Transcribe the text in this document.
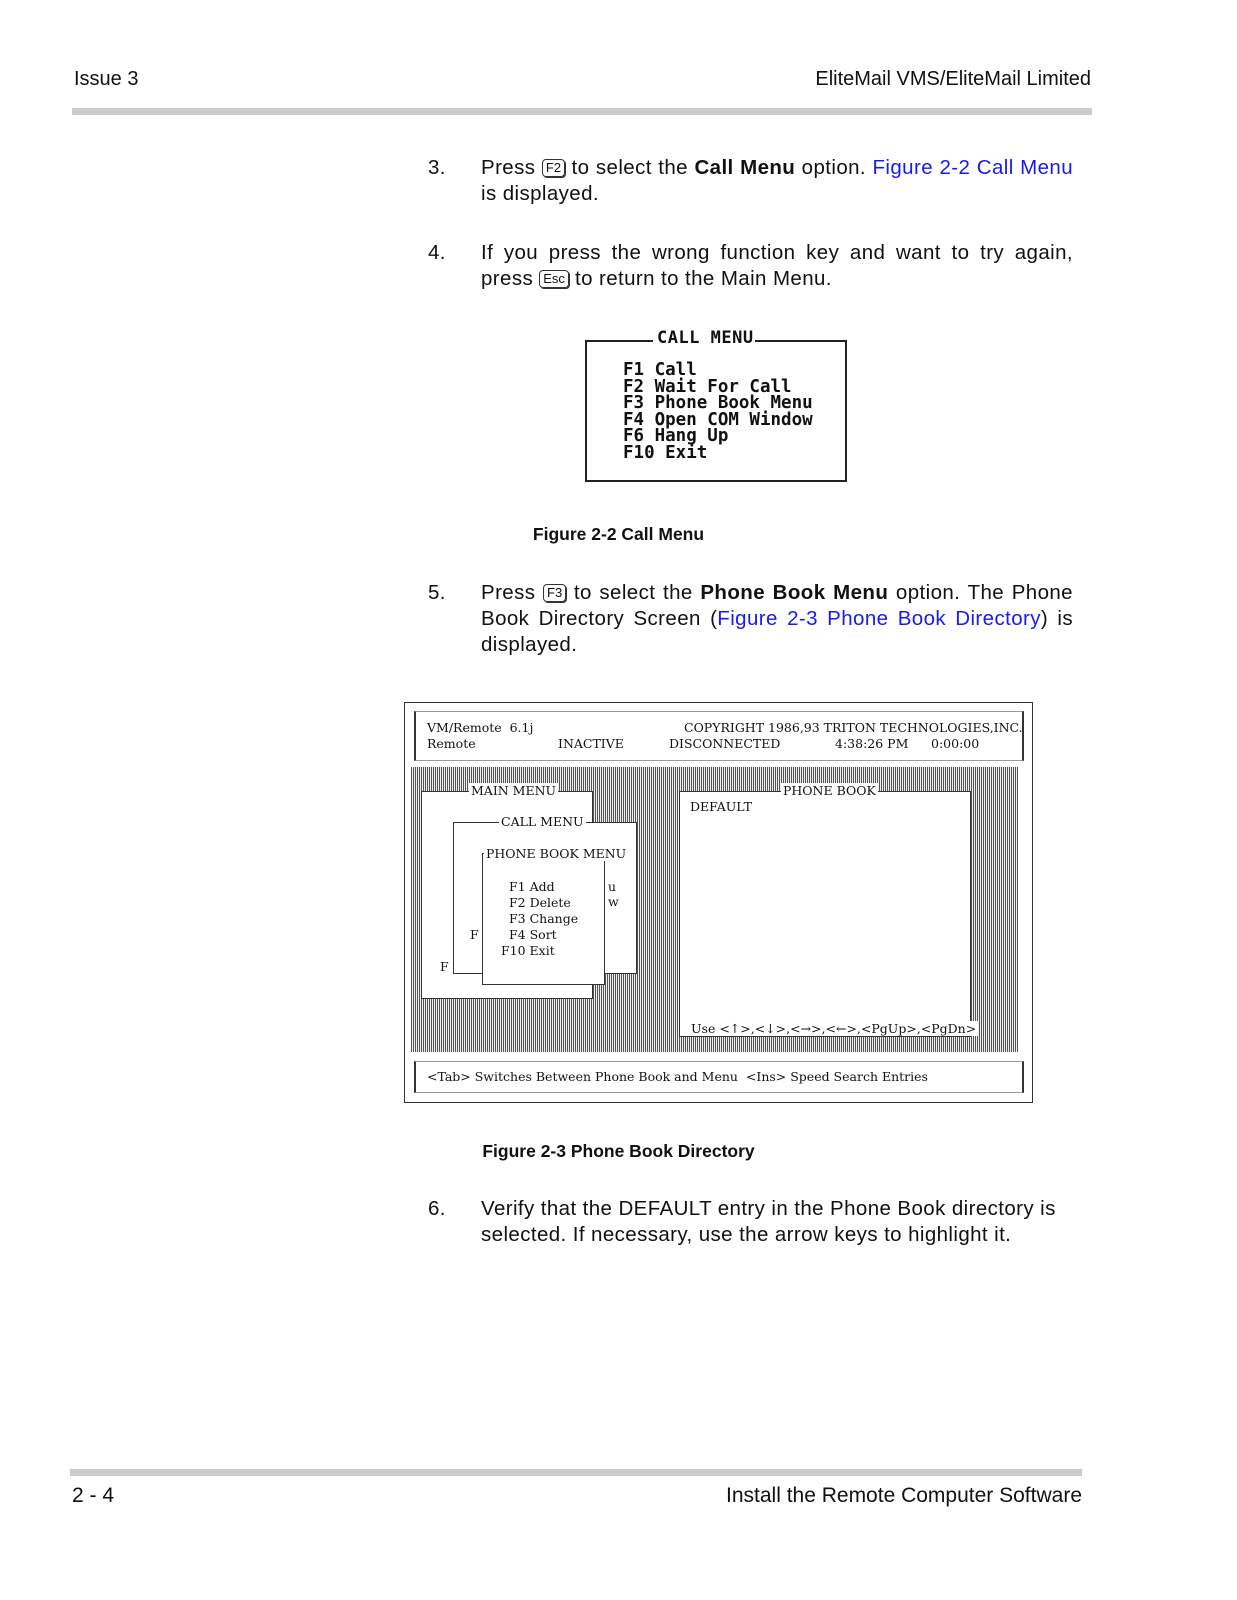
Issue 3	EliteMail VMS/EliteMail Limited
3. Press F2 to select the Call Menu option. Figure 2-2 Call Menu is displayed.
4. If you press the wrong function key and want to try again, press Esc to return to the Main Menu.
CALL MENU
F1 Call
F2 Wait For Call
F3 Phone Book Menu
F4 Open COM Window
F6 Hang Up
F10 Exit
Figure 2-2 Call Menu
5. Press F3 to select the Phone Book Menu option. The Phone Book Directory Screen (Figure 2-3 Phone Book Directory) is displayed.
VM/Remote  6.1j	COPYRIGHT 1986,93 TRITON TECHNOLOGIES,INC.
Remote	INACTIVE	DISCONNECTED	4:38:26 PM 0:00:00
MAIN MENU
F
CALL MENU
F
u
w
PHONE BOOK MENU
F1 Add
F2 Delete
F3 Change
F4 Sort
F10 Exit
PHONE BOOK
DEFAULT
Use <↑>,<↓>,<→>,<←>,<PgUp>,<PgDn>
<Tab> Switches Between Phone Book and Menu  <Ins> Speed Search Entries
Figure 2-3 Phone Book Directory
6. Verify that the DEFAULT entry in the Phone Book directory is selected. If necessary, use the arrow keys to highlight it.
2 - 4	Install the Remote Computer Software
